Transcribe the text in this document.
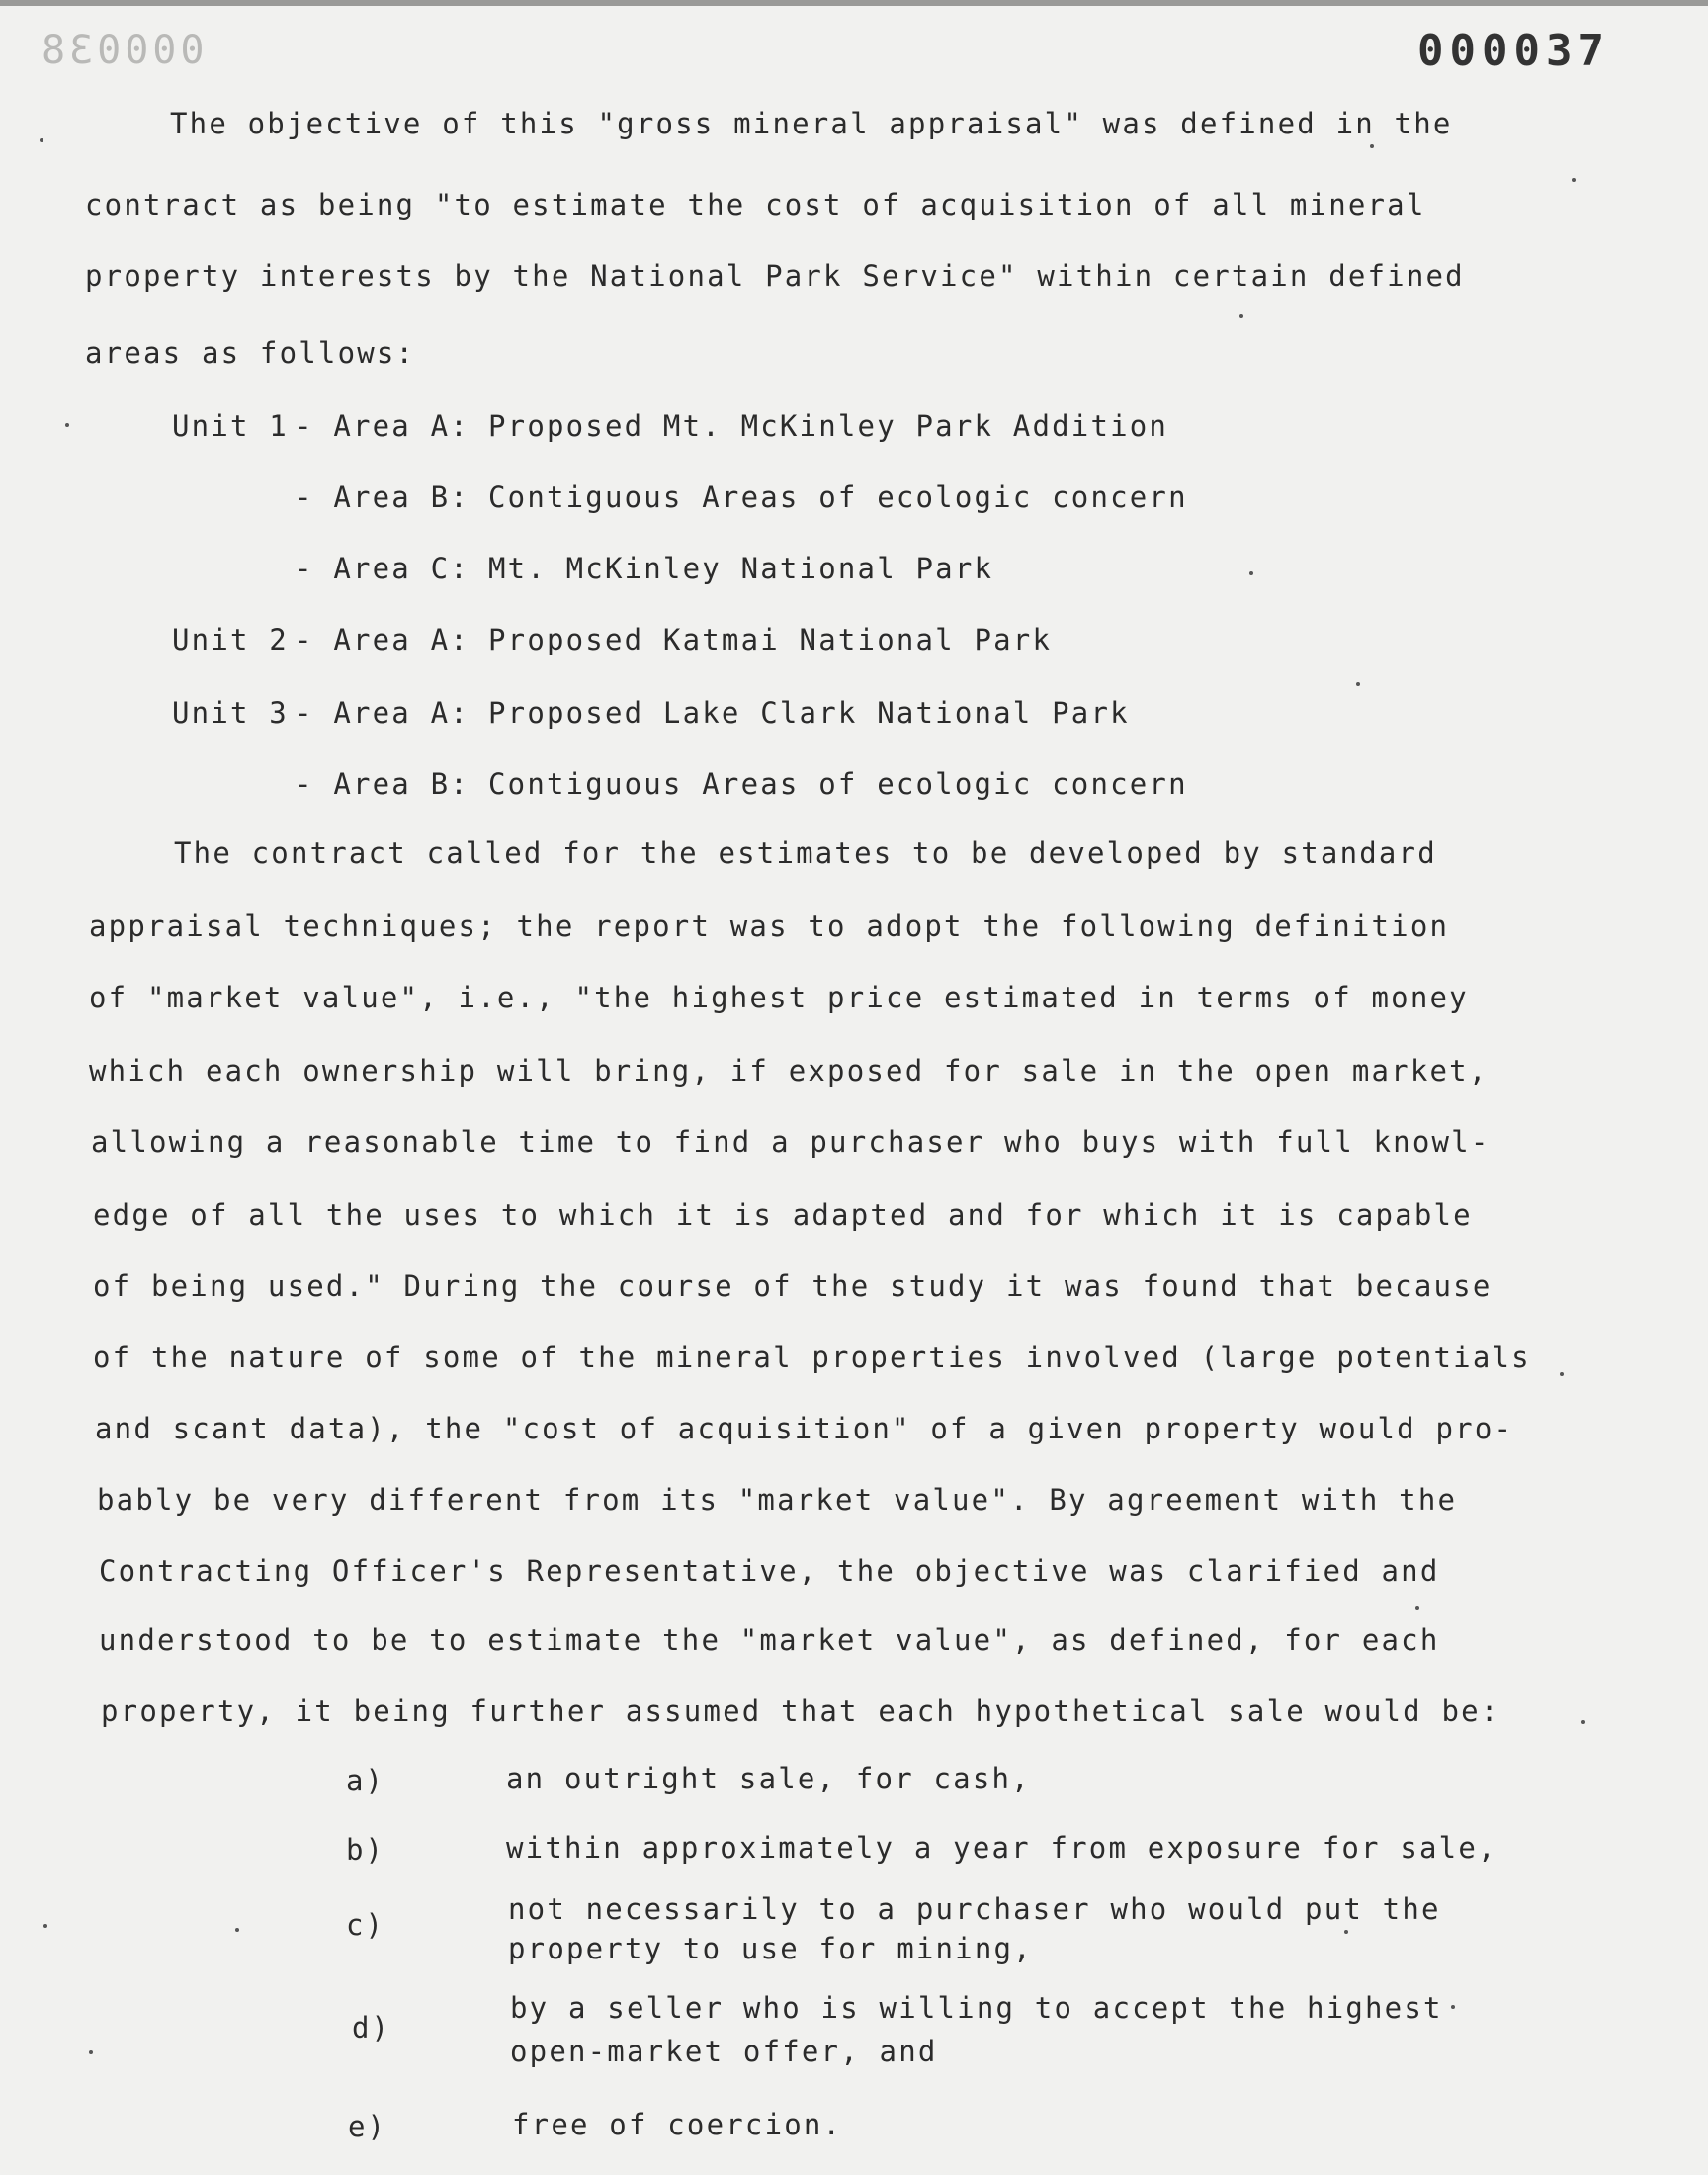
000038	000037
The objective of this "gross mineral appraisal" was defined in the
contract as being "to estimate the cost of acquisition of all mineral
property interests by the National Park Service" within certain defined
areas as follows:
Unit 1 - Area A: Proposed Mt. McKinley Park Addition
- Area B: Contiguous Areas of ecologic concern
- Area C: Mt. McKinley National Park
Unit 2 - Area A: Proposed Katmai National Park
Unit 3 - Area A: Proposed Lake Clark National Park
- Area B: Contiguous Areas of ecologic concern
The contract called for the estimates to be developed by standard
appraisal techniques; the report was to adopt the following definition
of "market value", i.e., "the highest price estimated in terms of money
which each ownership will bring, if exposed for sale in the open market,
allowing a reasonable time to find a purchaser who buys with full knowl-
edge of all the uses to which it is adapted and for which it is capable
of being used." During the course of the study it was found that because
of the nature of some of the mineral properties involved (large potentials
and scant data), the "cost of acquisition" of a given property would pro-
bably be very different from its "market value". By agreement with the
Contracting Officer's Representative, the objective was clarified and
understood to be to estimate the "market value", as defined, for each
property, it being further assumed that each hypothetical sale would be:
a)	an outright sale, for cash,
b)	within approximately a year from exposure for sale,
c)	not necessarily to a purchaser who would put the
property to use for mining,
d)
by a seller who is willing to accept the highest
open-market offer, and
e)	free of coercion.
